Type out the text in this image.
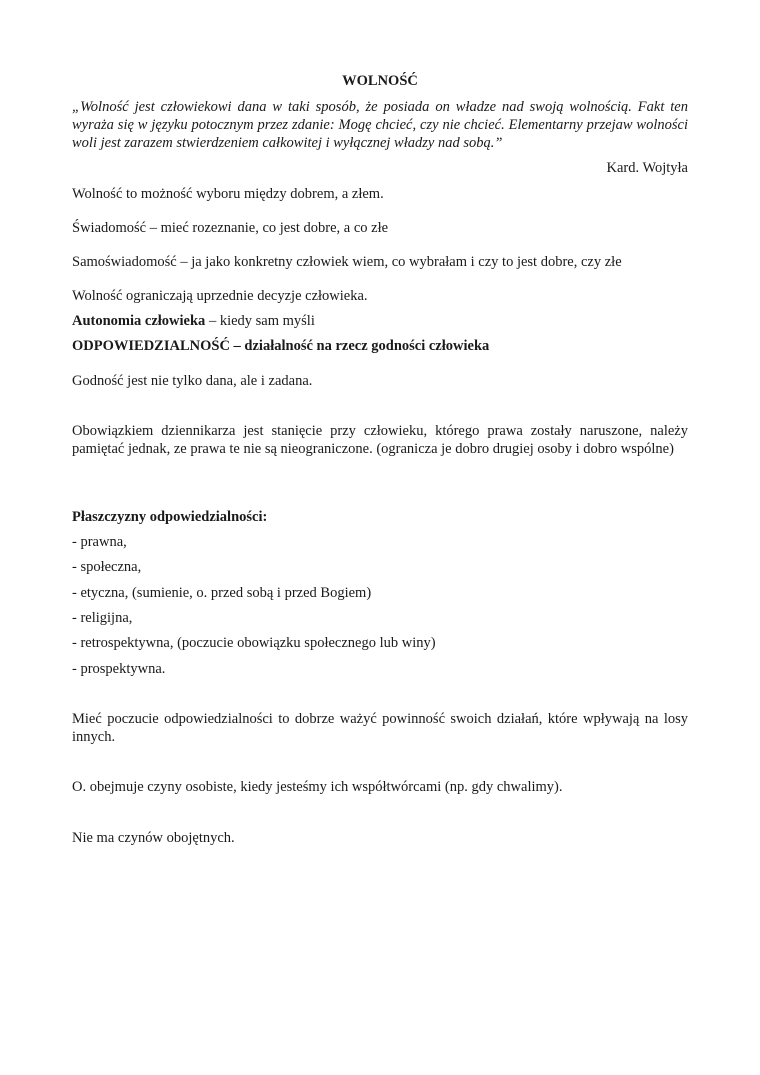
WOLNOŚĆ

„Wolność jest człowiekowi dana w taki sposób, że posiada on władze nad swoją wolnością. Fakt ten wyraża się w języku potocznym przez zdanie: Mogę chcieć, czy nie chcieć. Elementarny przejaw wolności woli jest zarazem stwierdzeniem całkowitej i wyłącznej władzy nad sobą.”

Kard. Wojtyła

Wolność to możność wyboru między dobrem, a złem.

Świadomość – mieć rozeznanie, co jest dobre, a co złe

Samoświadomość – ja jako konkretny człowiek wiem, co wybrałam i czy to jest dobre, czy złe

Wolność ograniczają uprzednie decyzje człowieka.

Autonomia człowieka – kiedy sam myśli

ODPOWIEDZIALNOŚĆ – działalność na rzecz godności człowieka

Godność jest nie tylko dana, ale i zadana.

Obowiązkiem dziennikarza jest stanięcie przy człowieku, którego prawa zostały naruszone, należy pamiętać jednak, ze prawa te nie są nieograniczone. (ogranicza je dobro drugiej osoby i dobro wspólne)

Płaszczyzny odpowiedzialności:

- prawna,
- społeczna,
- etyczna, (sumienie, o. przed sobą i przed Bogiem)
- religijna,
- retrospektywna, (poczucie obowiązku społecznego lub winy)
- prospektywna.

Mieć poczucie odpowiedzialności to dobrze ważyć powinność swoich działań, które wpływają na losy innych.

O. obejmuje czyny osobiste, kiedy jesteśmy ich współtwórcami (np. gdy chwalimy).

Nie ma czynów obojętnych.
